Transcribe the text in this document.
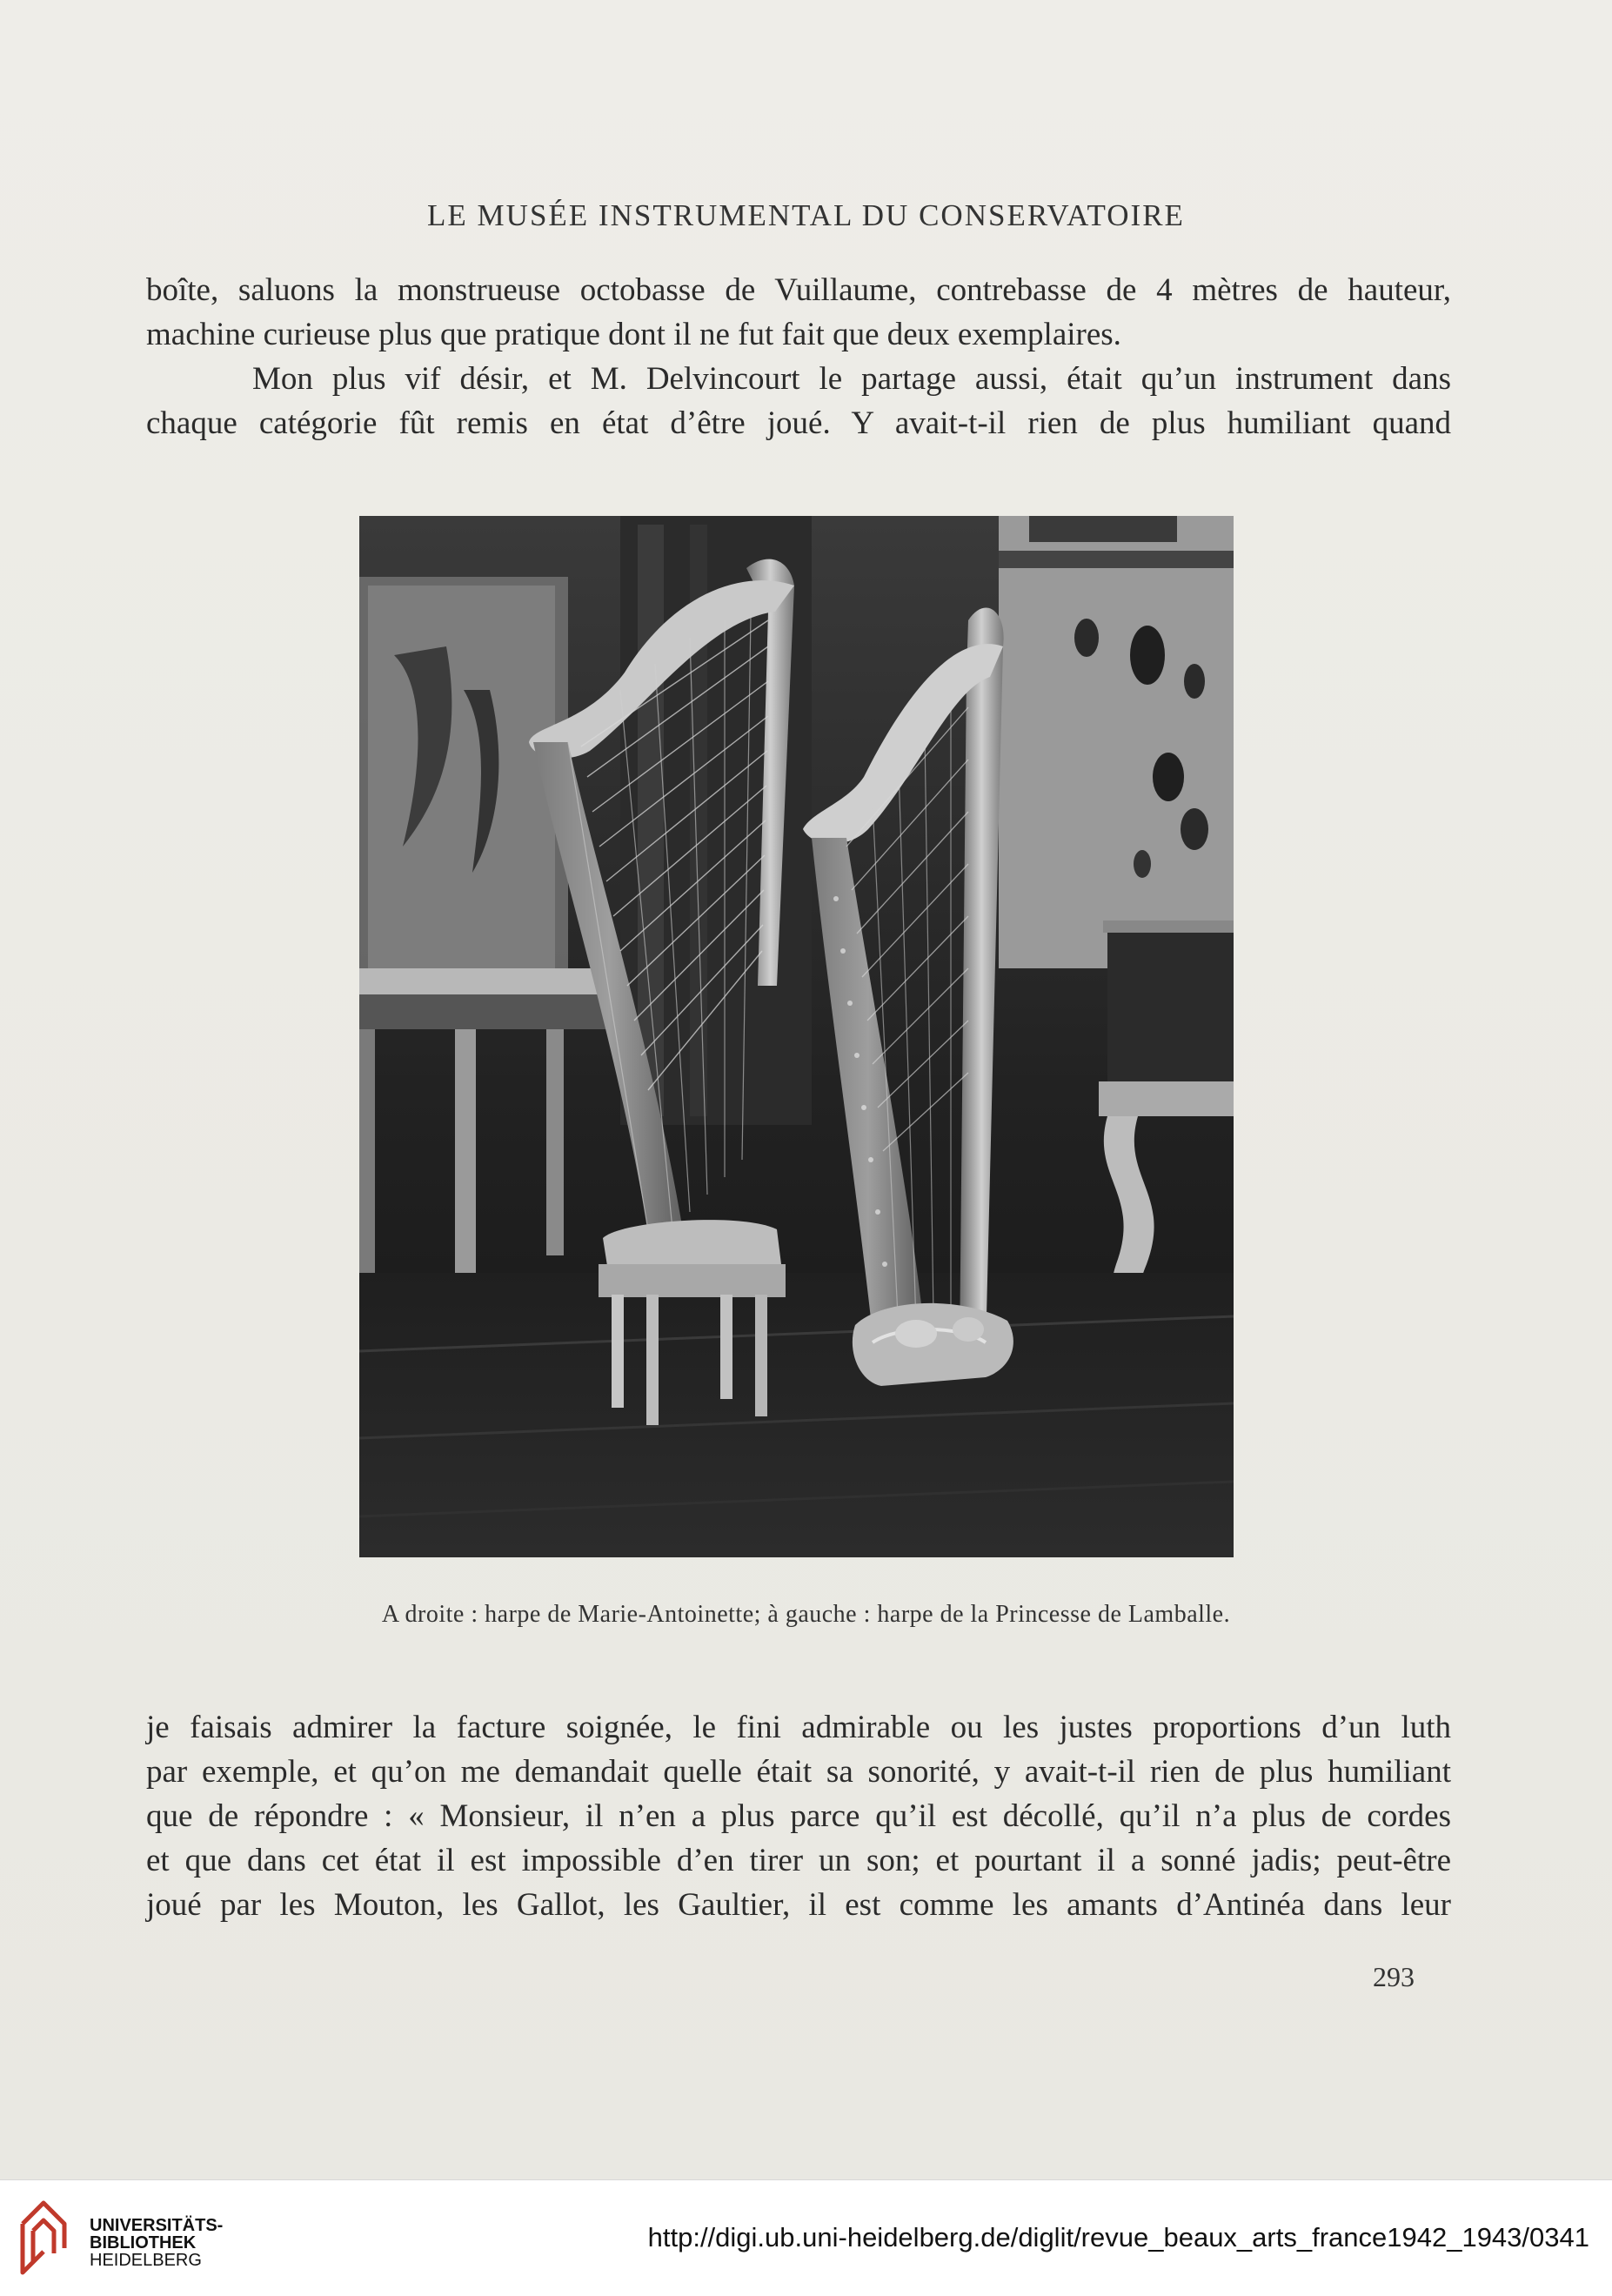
LE MUSÉE INSTRUMENTAL DU CONSERVATOIRE

boîte, saluons la monstrueuse octobasse de Vuillaume, contrebasse de 4 mètres de hauteur,
machine curieuse plus que pratique dont il ne fut fait que deux exemplaires.
Mon plus vif désir, et M. Delvincourt le partage aussi, était qu’un instrument dans
chaque catégorie fût remis en état d’être joué. Y avait-t-il rien de plus humiliant quand

A droite : harpe de Marie-Antoinette; à gauche : harpe de la Princesse de Lamballe.

je faisais admirer la facture soignée, le fini admirable ou les justes proportions d’un luth
par exemple, et qu’on me demandait quelle était sa sonorité, y avait-t-il rien de plus humiliant
que de répondre : « Monsieur, il n’en a plus parce qu’il est décollé, qu’il n’a plus de cordes
et que dans cet état il est impossible d’en tirer un son; et pourtant il a sonné jadis; peut-être
joué par les Mouton, les Gallot, les Gaultier, il est comme les amants d’Antinéa dans leur

293
UNIVERSITÄTS-
BIBLIOTHEK
HEIDELBERG
http://digi.ub.uni-heidelberg.de/diglit/revue_beaux_arts_france1942_1943/0341
